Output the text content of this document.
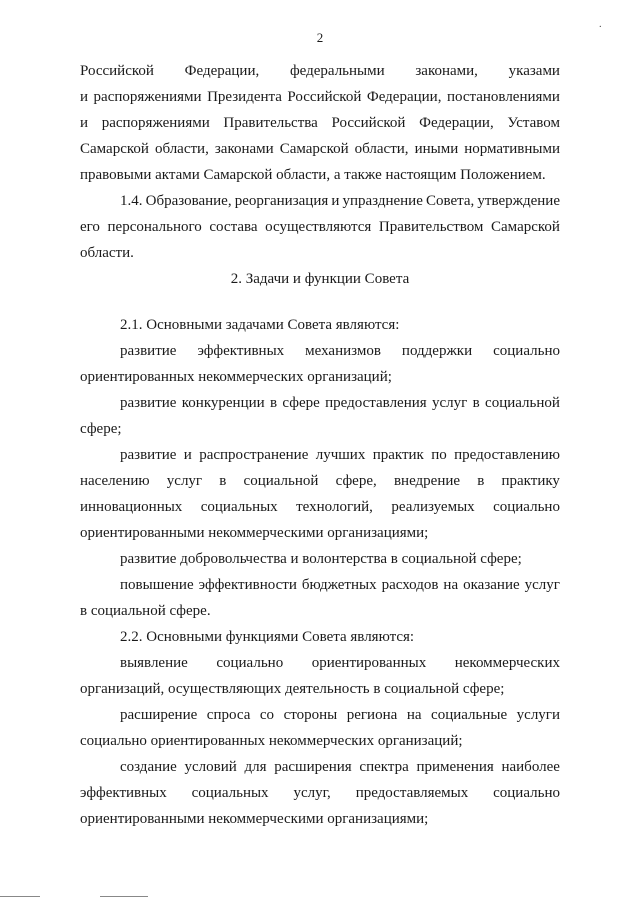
·
2
Российской Федерации, федеральными законами, указами
и распоряжениями Президента Российской Федерации, постановлениями
и распоряжениями Правительства Российской Федерации, Уставом
Самарской области, законами Самарской области, иными нормативными
правовыми актами Самарской области, а также настоящим Положением.
1.4. Образование, реорганизация и упразднение Совета, утверждение
его персонального состава осуществляются Правительством Самарской
области.
2. Задачи и функции Совета
2.1. Основными задачами Совета являются:
развитие эффективных механизмов поддержки социально
ориентированных некоммерческих организаций;
развитие конкуренции в сфере предоставления услуг в социальной
сфере;
развитие и распространение лучших практик по предоставлению
населению услуг в социальной сфере, внедрение в практику
инновационных социальных технологий, реализуемых социально
ориентированными некоммерческими организациями;
развитие добровольчества и волонтерства в социальной сфере;
повышение эффективности бюджетных расходов на оказание услуг
в социальной сфере.
2.2. Основными функциями Совета являются:
выявление социально ориентированных некоммерческих
организаций, осуществляющих деятельность в социальной сфере;
расширение спроса со стороны региона на социальные услуги
социально ориентированных некоммерческих организаций;
создание условий для расширения спектра применения наиболее
эффективных социальных услуг, предоставляемых социально
ориентированными некоммерческими организациями;
